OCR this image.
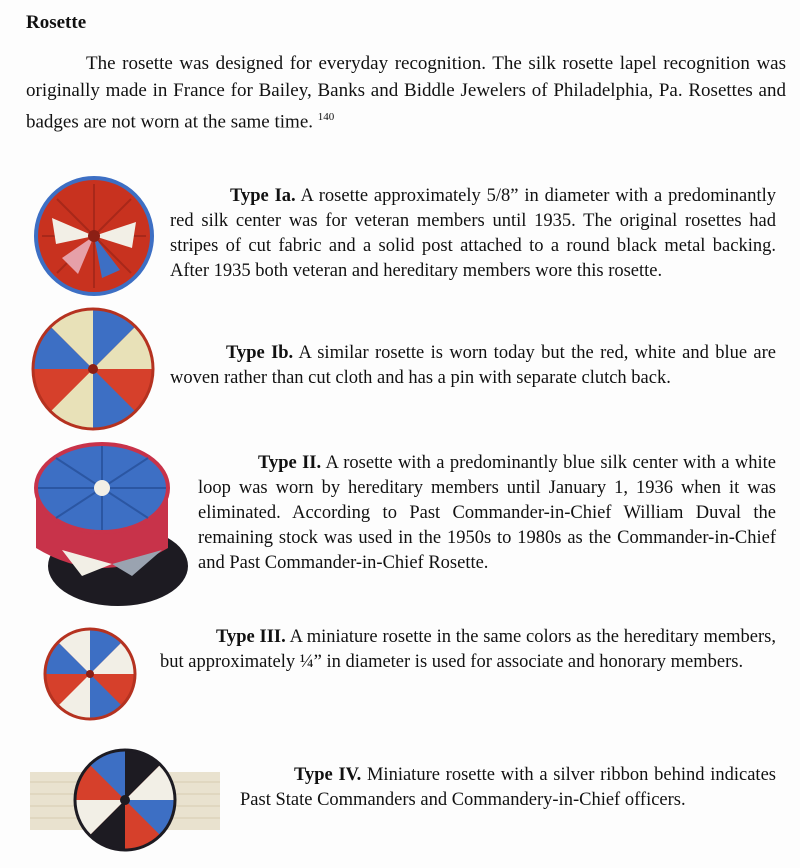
Rosette
The rosette was designed for everyday recognition. The silk rosette lapel recognition was originally made in France for Bailey, Banks and Biddle Jewelers of Philadelphia, Pa. Rosettes and badges are not worn at the same time. $^{140}$
Type Ia. A rosette approximately 5/8” in diameter with a predominantly red silk center was for veteran members until 1935. The original rosettes had stripes of cut fabric and a solid post attached to a round black metal backing. After 1935 both veteran and hereditary members wore this rosette.
Type Ib. A similar rosette is worn today but the red, white and blue are woven rather than cut cloth and has a pin with separate clutch back.
Type II. A rosette with a predominantly blue silk center with a white loop was worn by hereditary members until January 1, 1936 when it was eliminated. According to Past Commander-in-Chief William Duval the remaining stock was used in the 1950s to 1980s as the Commander-in-Chief and Past Commander-in-Chief Rosette.
Type III. A miniature rosette in the same colors as the hereditary members, but approximately ¼” in diameter is used for associate and honorary members.
Type IV. Miniature rosette with a silver ribbon behind indicates Past State Commanders and Commandery-in-Chief officers.
